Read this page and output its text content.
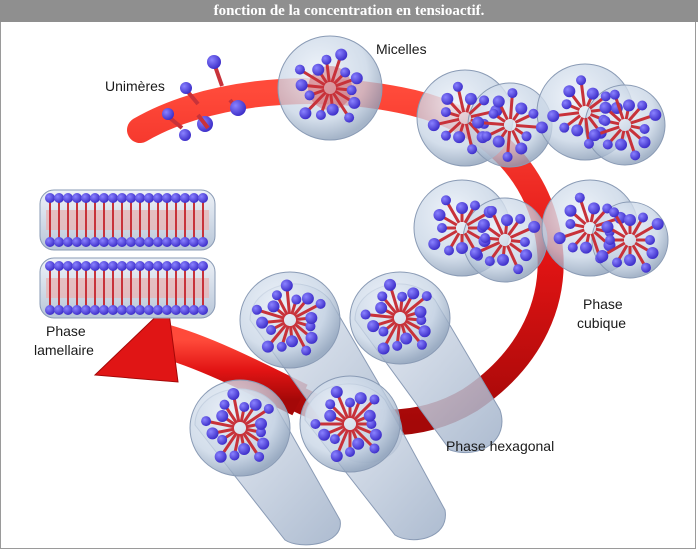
fonction de la concentration en tensioactif.
Unimères
Micelles
Phase
cubique
Phase
lamellaire
Phase hexagonal
